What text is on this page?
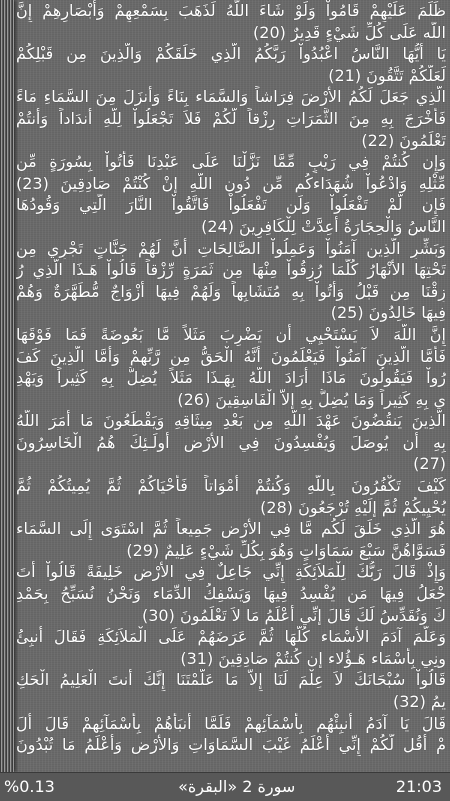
ظَلَمَ عَلَيْهِمْ قَامُواْ وَلَوْ شَاءَ اللّهُ لَذَهَبَ بِسَمْعِهِمْ وَأَبْصَارِهِمْ إِنَّ
اللَّه عَلَى كُلِّ شَيْءٍ قَدِيرٌ (20)
يَا أَيُّهَا النَّاسُ اعْبُدُواْ رَبَّكُمُ الَّذِي خَلَقَكُمْ وَالَّذِينَ مِن قَبْلِكُمْ
لَعَلَّكُمْ تَتَّقُونَ (21)
الَّذِي جَعَلَ لَكُمُ الأَرْضَ فِرَاشاً وَالسَّمَاء بِنَاءً وَأَنزَلَ مِنَ السَّمَاءِ مَاءً
فَأَخْرَجَ بِهِ مِنَ الثَّمَرَاتِ رِزْقاً لَّكُمْ فَلاَ تَجْعَلُواْ لِلّهِ أَندَاداً وَأَنتُمْ
تَعْلَمُونَ (22)
وَإِن كُنتُمْ فِي رَيْبٍ مِّمَّا نَزَّلْنَا عَلَى عَبْدِنَا فَأْتُواْ بِسُورَةٍ مِّن
مِّثْلِهِ وَادْعُواْ شُهَدَاءكُم مِّن دُونِ اللّهِ إِنْ كُنْتُمْ صَادِقِينَ (23)
فَإِن لَّمْ تَفْعَلُواْ وَلَن تَفْعَلُواْ فَاتَّقُواْ النَّارَ الَّتِي وَقُودُهَا
النَّاسُ وَالْحِجَارَةُ أُعِدَّتْ لِلْكَافِرِينَ (24)
وَبَشِّرِ الَّذِين آمَنُواْ وَعَمِلُواْ الصَّالِحَاتِ أَنَّ لَهُمْ جَنَّاتٍ تَجْرِي مِن
تَحْتِهَا الأَنْهَارُ كُلَّمَا رُزِقُواْ مِنْهَا مِن ثَمَرَةٍ رِّزْقاً قَالُواْ هَـذَا الَّذِي رُ
زِقْنَا مِن قَبْلُ وَأُتُواْ بِهِ مُتَشَابِهاً وَلَهُمْ فِيهَا أَزْوَاجٌ مُّطَهَّرَةٌ وَهُمْ
فِيهَا خَالِدُونَ (25)
إِنَّ اللَّهَ لاَ يَسْتَحْيِي أَن يَضْرِبَ مَثَلاً مَّا بَعُوضَةً فَمَا فَوْقَهَا
فَأَمَّا الَّذِينَ آمَنُواْ فَيَعْلَمُونَ أَنَّهُ الْحَقُّ مِن رَّبِّهِمْ وَأَمَّا الَّذِينَ كَفَ
رُواْ فَيَقُولُونَ مَاذَا أَرَادَ اللَّهُ بِهَـذَا مَثَلاً يُضِلُّ بِهِ كَثِيراً وَيَهْدِ
ي بِهِ كَثِيراً وَمَا يُضِلُّ بِهِ إِلاَّ الْفَاسِقِينَ (26)
الَّذِينَ يَنقُضُونَ عَهْدَ اللَّهِ مِن بَعْدِ مِيثَاقِهِ وَيَقْطَعُونَ مَا أَمَرَ اللَّهُ
بِهِ أَن يُوصَلَ وَيُفْسِدُونَ فِي الأرْضِ أُولَـئِكَ هُمُ الْخَاسِرُونَ
(27)
كَيْفَ تَكْفُرُونَ بِاللَّهِ وَكُنتُمْ أَمْوَاتاً فَأَحْيَاكُمْ ثُمَّ يُمِيتُكُمْ ثُمَّ
يُحْيِيكُمْ ثُمَّ إِلَيْهِ تُرْجَعُونَ (28)
هُوَ الَّذِي خَلَقَ لَكُم مَّا فِي الأَرْضِ جَمِيعاً ثُمَّ اسْتَوَى إِلَى السَّمَاء
فَسَوَّاهُنَّ سَبْعَ سَمَاوَاتٍ وَهُوَ بِكُلِّ شَيْءٍ عَلِيمٌ (29)
وَإِذْ قَالَ رَبُّكَ لِلْمَلاَئِكَةِ إِنِّي جَاعِلٌ فِي الأَرْضِ خَلِيفَةً قَالُواْ أَتَ
جْعَلُ فِيهَا مَن يُفْسِدُ فِيهَا وَيَسْفِكُ الدِّمَاء وَنَحْنُ نُسَبِّحُ بِحَمْدِ
كَ وَنُقَدِّسُ لَكَ قَالَ إِنِّي أَعْلَمُ مَا لاَ تَعْلَمُونَ (30)
وَعَلَّمَ آدَمَ الأَسْمَاء كُلَّهَا ثُمَّ عَرَضَهُمْ عَلَى الْمَلاَئِكَةِ فَقَالَ أَنبِئُ
ونِي بِأَسْمَاء هَـؤُلاء إِن كُنتُمْ صَادِقِينَ (31)
قَالُواْ سُبْحَانَكَ لاَ عِلْمَ لَنَا إِلاَّ مَا عَلَّمْتَنَا إِنَّكَ أَنتَ الْعَلِيمُ الْحَكِ
يمُ (32)
قَالَ يَا آدَمُ أَنبِئْهُم بِأَسْمَآئِهِمْ فَلَمَّا أَنبَأَهُمْ بِأَسْمَآئِهِمْ قَالَ أَلَ
مْ أَقُل لَّكُمْ إِنِّي أَعْلَمُ غَيْبَ السَّمَاوَاتِ وَالأَرْضِ وَأَعْلَمُ مَا تُبْدُونَ
%0.13	سورة 2 «البقرة»	21:03
